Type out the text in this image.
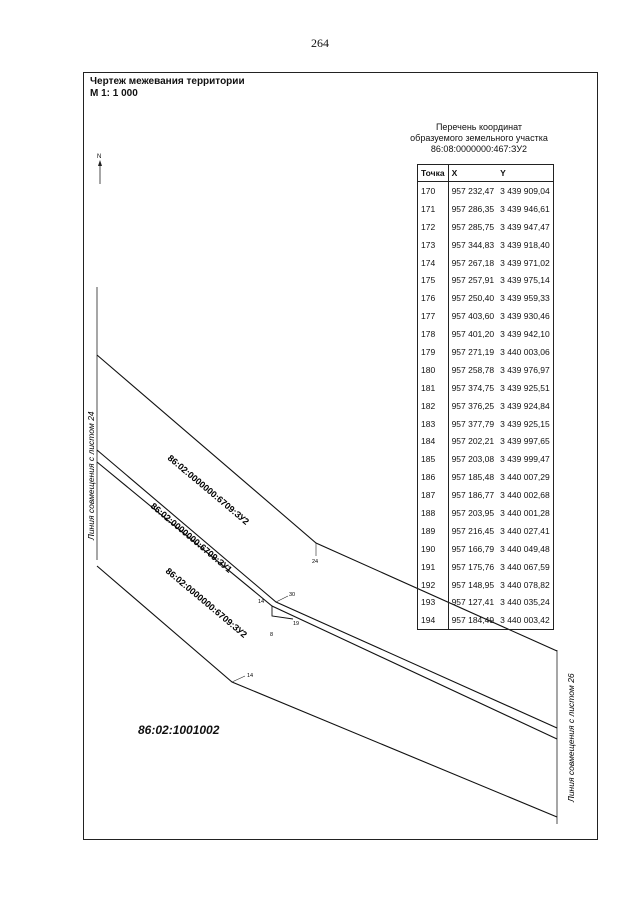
264
Чертеж межевания территории
М 1: 1 000
N
24
30
14
19
8
14
86:02:0000000:6709:ЗУ2
86:02:0000000:6709:ЗУ1
86:02:0000000:6709:ЗУ2
Линия совмещения с листом 24
Линия совмещения с листом 26
Перечень координат
образуемого земельного участка
86:08:0000000:467:ЗУ2
Точка	X	Y
170	957 232,47	3 439 909,04
171	957 286,35	3 439 946,61
172	957 285,75	3 439 947,47
173	957 344,83	3 439 918,40
174	957 267,18	3 439 971,02
175	957 257,91	3 439 975,14
176	957 250,40	3 439 959,33
177	957 403,60	3 439 930,46
178	957 401,20	3 439 942,10
179	957 271,19	3 440 003,06
180	957 258,78	3 439 976,97
181	957 374,75	3 439 925,51
182	957 376,25	3 439 924,84
183	957 377,79	3 439 925,15
184	957 202,21	3 439 997,65
185	957 203,08	3 439 999,47
186	957 185,48	3 440 007,29
187	957 186,77	3 440 002,68
188	957 203,95	3 440 001,28
189	957 216,45	3 440 027,41
190	957 166,79	3 440 049,48
191	957 175,76	3 440 067,59
192	957 148,95	3 440 078,82
193	957 127,41	3 440 035,24
194	957 184,49	3 440 003,42
86:02:1001002
